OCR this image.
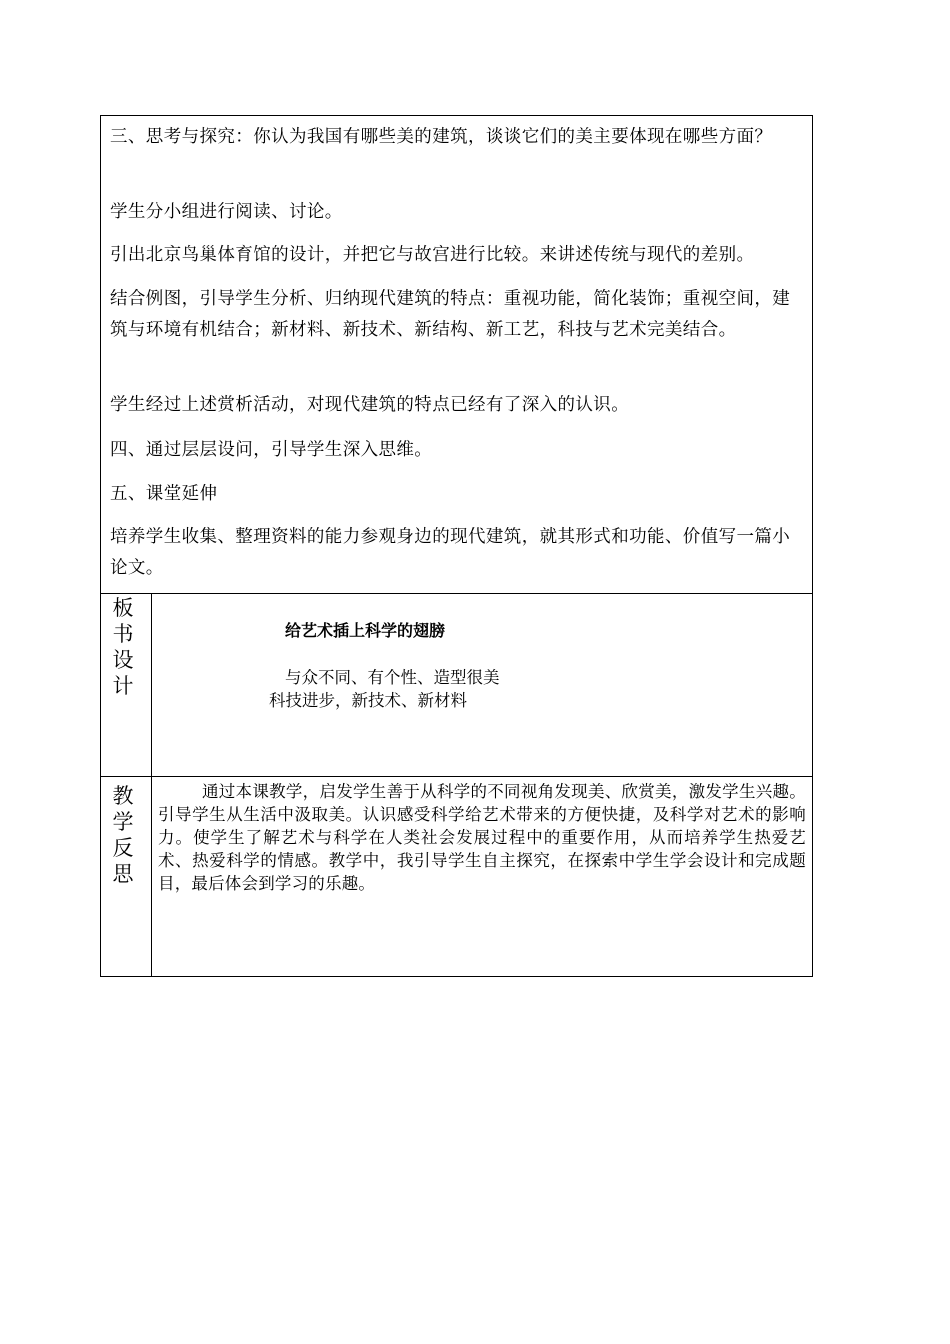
三、思考与探究：你认为我国有哪些美的建筑，谈谈它们的美主要体现在哪些方面？

学生分小组进行阅读、讨论。

引出北京鸟巢体育馆的设计，并把它与故宫进行比较。来讲述传统与现代的差别。

结合例图，引导学生分析、归纳现代建筑的特点：重视功能，简化装饰；重视空间，建筑与环境有机结合；新材料、新技术、新结构、新工艺，科技与艺术完美结合。

学生经过上述赏析活动，对现代建筑的特点已经有了深入的认识。

四、通过层层设问，引导学生深入思维。

五、课堂延伸

培养学生收集、整理资料的能力参观身边的现代建筑，就其形式和功能、价值写一篇小论文。

板书设计

给艺术插上科学的翅膀

与众不同、有个性、造型很美

科技进步，新技术、新材料

教学反思

通过本课教学，启发学生善于从科学的不同视角发现美、欣赏美，激发学生兴趣。引导学生从生活中汲取美。认识感受科学给艺术带来的方便快捷，及科学对艺术的影响力。使学生了解艺术与科学在人类社会发展过程中的重要作用，从而培养学生热爱艺术、热爱科学的情感。教学中，我引导学生自主探究，在探索中学生学会设计和完成题目，最后体会到学习的乐趣。
